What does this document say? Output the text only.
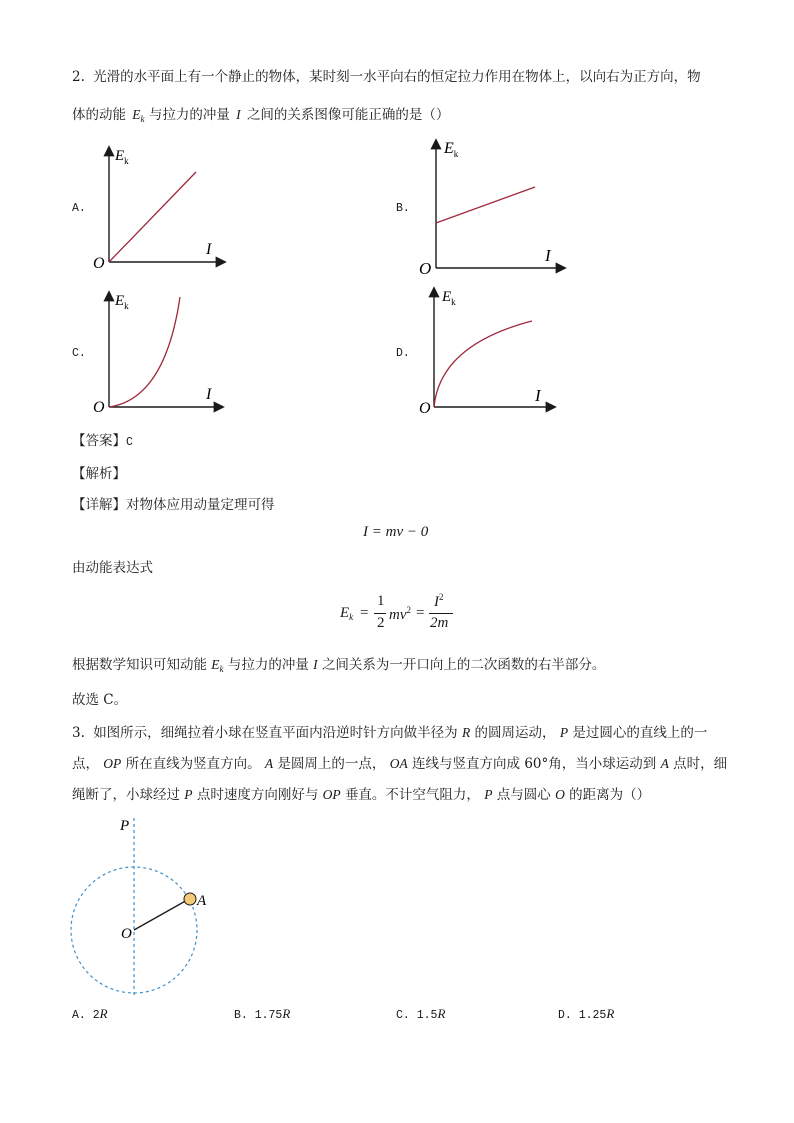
2. 光滑的水平面上有一个静止的物体，某时刻一水平向右的恒定拉力作用在物体上，以向右为正方向，物
体的动能 $E_k$ 与拉力的冲量 I 之间的关系图像可能正确的是（）
A.
$E_k$
I
O
B.
$E_k$
I
O
C.
$E_k$
I
O
D.
$E_k$
I
O
【答案】C
【解析】
【详解】对物体应用动量定理可得
I = mv − 0
由动能表达式
$E_k$ =
1
2 $mv^2$ =
$I^2$
2m
根据数学知识可知动能 $E_k$ 与拉力的冲量 I 之间关系为一开口向上的二次函数的右半部分。
故选 C。
3. 如图所示，细绳拉着小球在竖直平面内沿逆时针方向做半径为 R 的圆周运动， P 是过圆心的直线上的一
点， OP 所在直线为竖直方向。 A 是圆周上的一点， OA 连线与竖直方向成 60°角，当小球运动到 A 点时，细
绳断了，小球经过 P 点时速度方向刚好与 OP 垂直。不计空气阻力， P 点与圆心 O 的距离为（）
P
A
O
A. 2R	B. 1.75R	C. 1.5R	D. 1.25R
